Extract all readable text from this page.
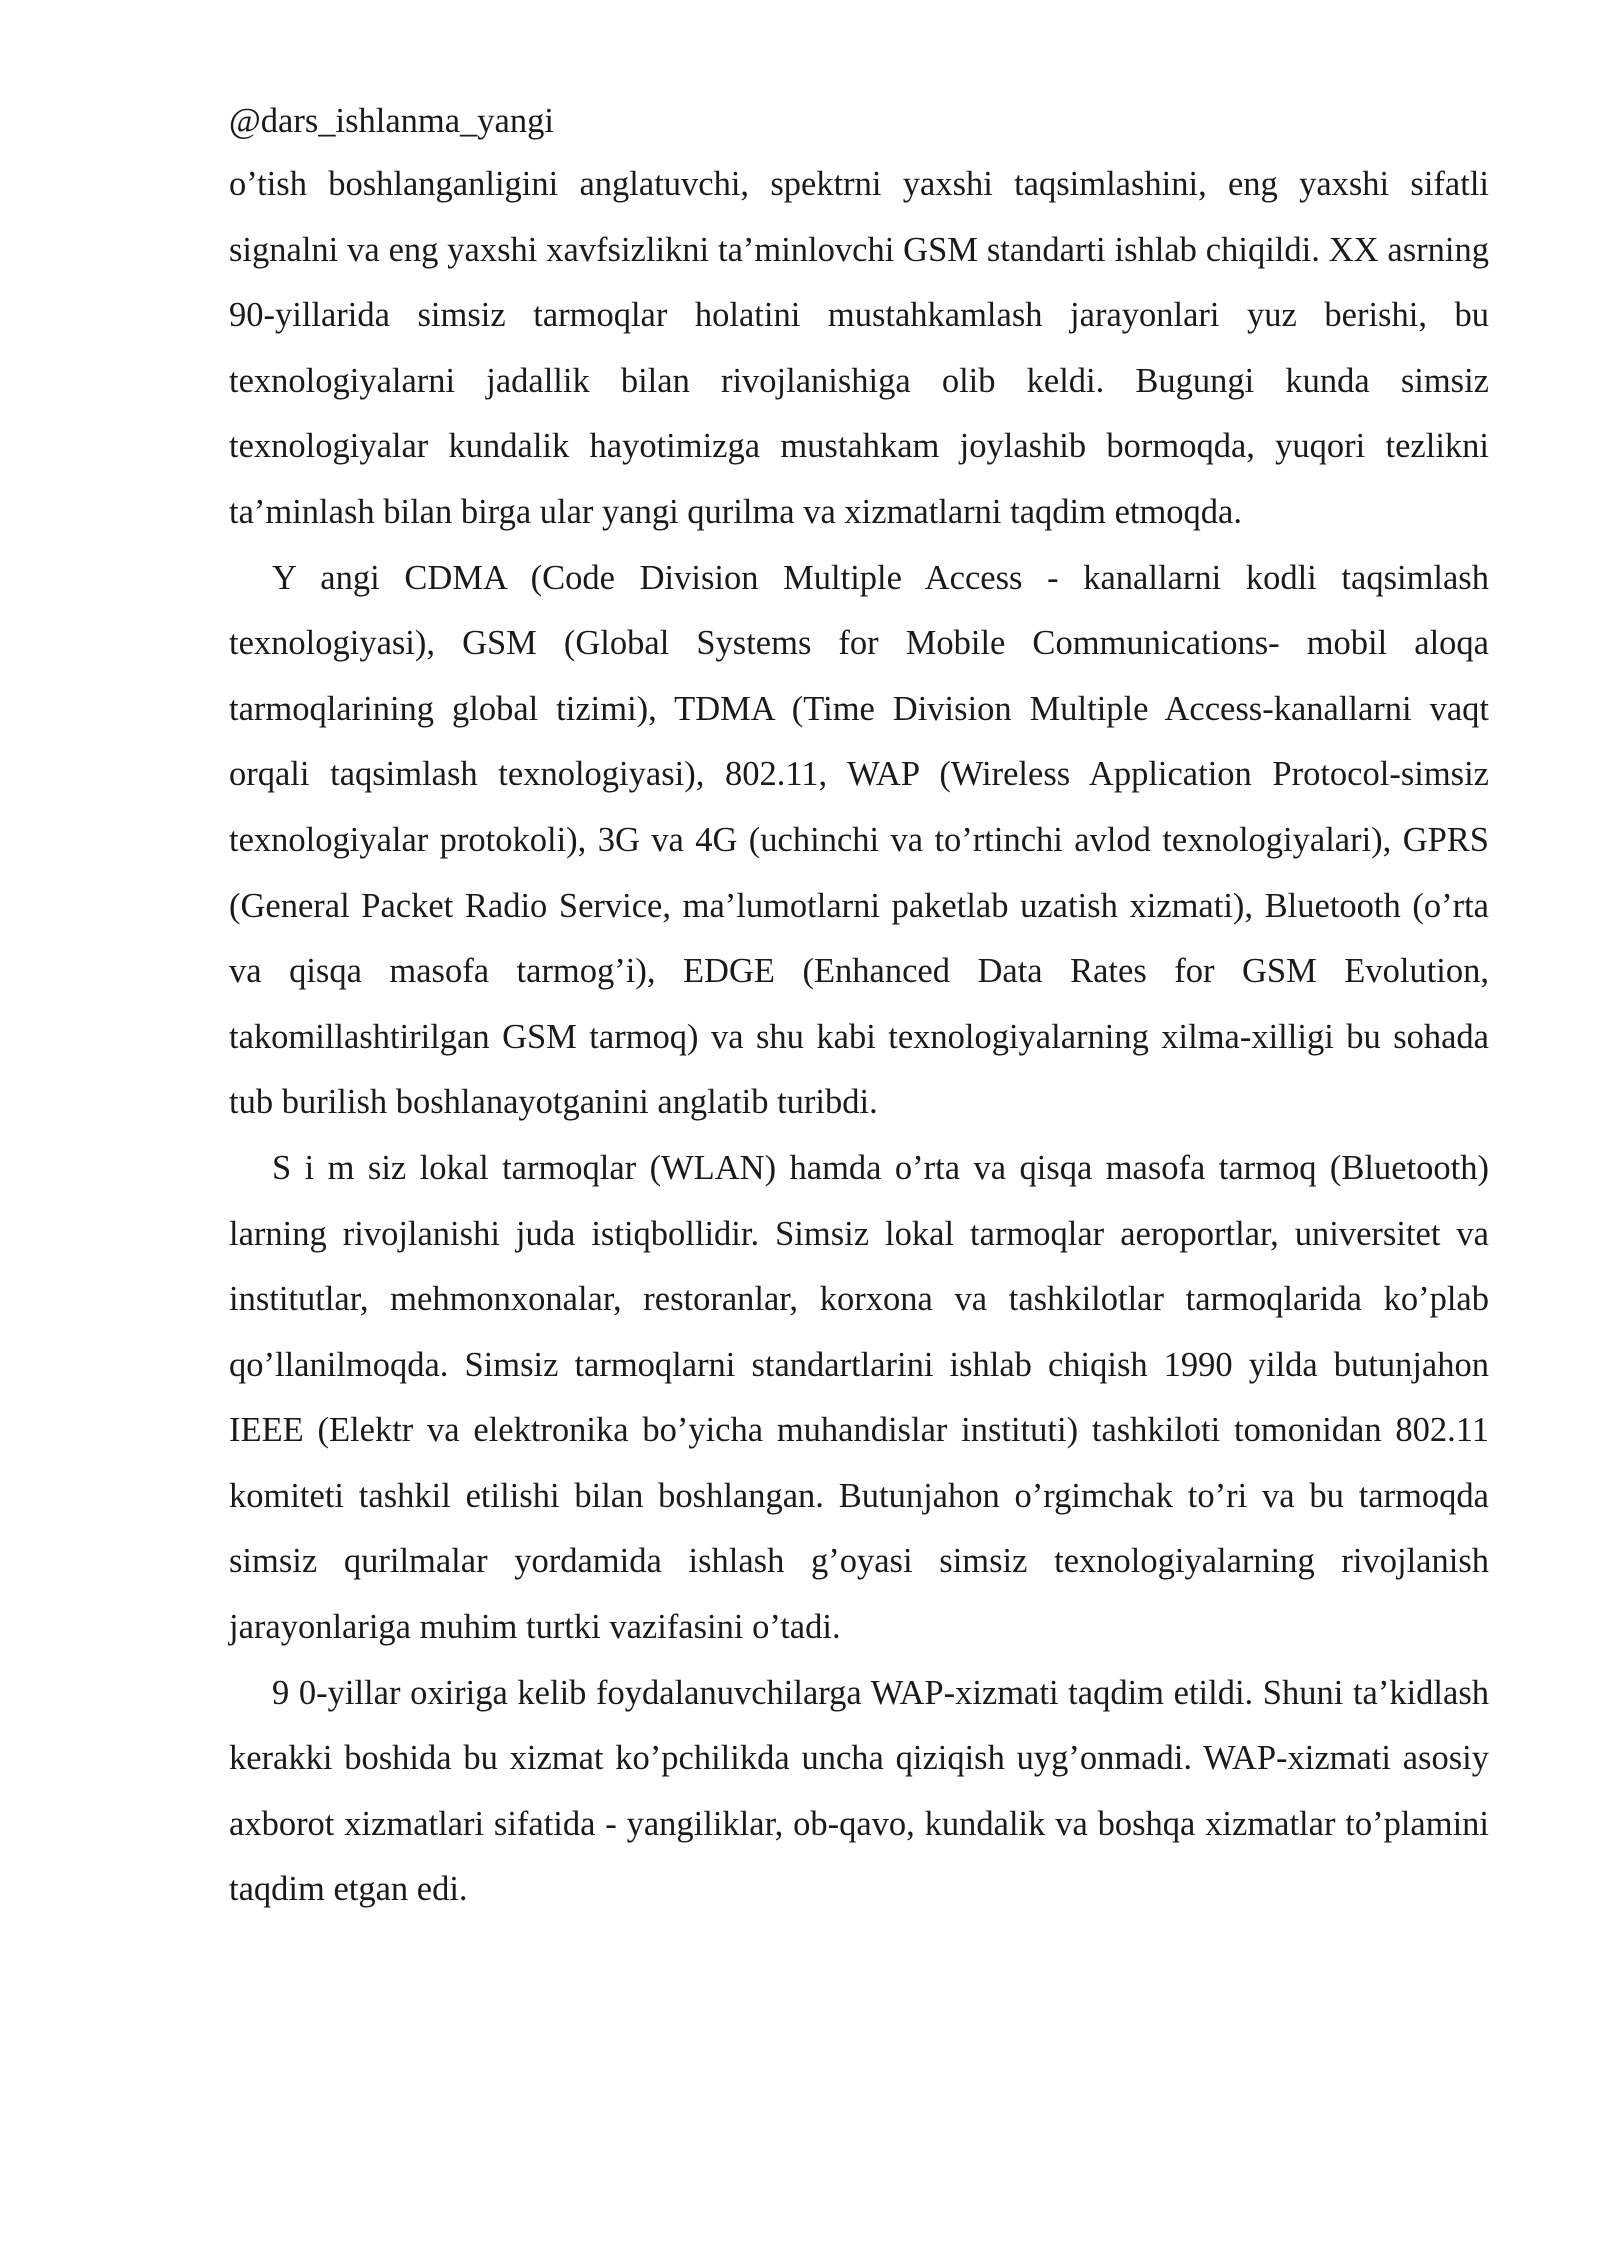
@dars_ishlanma_yangi

o’tish boshlanganligini anglatuvchi, spektrni yaxshi taqsimlashini, eng yaxshi sifatli signalni va eng yaxshi xavfsizlikni ta’minlovchi GSM standarti ishlab chiqildi. XX asrning 90-yillarida simsiz tarmoqlar holatini mustahkamlash jarayonlari yuz berishi, bu texnologiyalarni jadallik bilan rivojlanishiga olib keldi. Bugungi kunda simsiz texnologiyalar kundalik hayotimizga mustahkam joylashib bormoqda, yuqori tezlikni ta’minlash bilan birga ular yangi qurilma va xizmatlarni taqdim etmoqda.

Y angi CDMA (Code Division Multiple Access - kanallarni kodli taqsimlash texnologiyasi), GSM (Global Systems for Mobile Communications- mobil aloqa tarmoqlarining global tizimi), TDMA (Time Division Multiple Access-kanallarni vaqt orqali taqsimlash texnologiyasi), 802.11, WAP (Wireless Application Protocol-simsiz texnologiyalar protokoli), 3G va 4G (uchinchi va to’rtinchi avlod texnologiyalari), GPRS (General Packet Radio Service, ma’lumotlarni paketlab uzatish xizmati), Bluetooth (o’rta va qisqa masofa tarmog’i), EDGE (Enhanced Data Rates for GSM Evolution, takomillashtirilgan GSM tarmoq) va shu kabi texnologiyalarning xilma-xilligi bu sohada tub burilish boshlanayotganini anglatib turibdi.

S i m siz lokal tarmoqlar (WLAN) hamda o’rta va qisqa masofa tarmoq (Bluetooth) larning rivojlanishi juda istiqbollidir. Simsiz lokal tarmoqlar aeroportlar, universitet va institutlar, mehmonxonalar, restoranlar, korxona va tashkilotlar tarmoqlarida ko’plab qo’llanilmoqda. Simsiz tarmoqlarni standartlarini ishlab chiqish 1990 yilda butunjahon IEEE (Elektr va elektronika bo’yicha muhandislar instituti) tashkiloti tomonidan 802.11 komiteti tashkil etilishi bilan boshlangan. Butunjahon o’rgimchak to’ri va bu tarmoqda simsiz qurilmalar yordamida ishlash g’oyasi simsiz texnologiyalarning rivojlanish jarayonlariga muhim turtki vazifasini o’tadi.

9 0-yillar oxiriga kelib foydalanuvchilarga WAP-xizmati taqdim etildi. Shuni ta’kidlash kerakki boshida bu xizmat ko’pchilikda uncha qiziqish uyg’onmadi. WAP-xizmati asosiy axborot xizmatlari sifatida - yangiliklar, ob-qavo, kundalik va boshqa xizmatlar to’plamini taqdim etgan edi.
